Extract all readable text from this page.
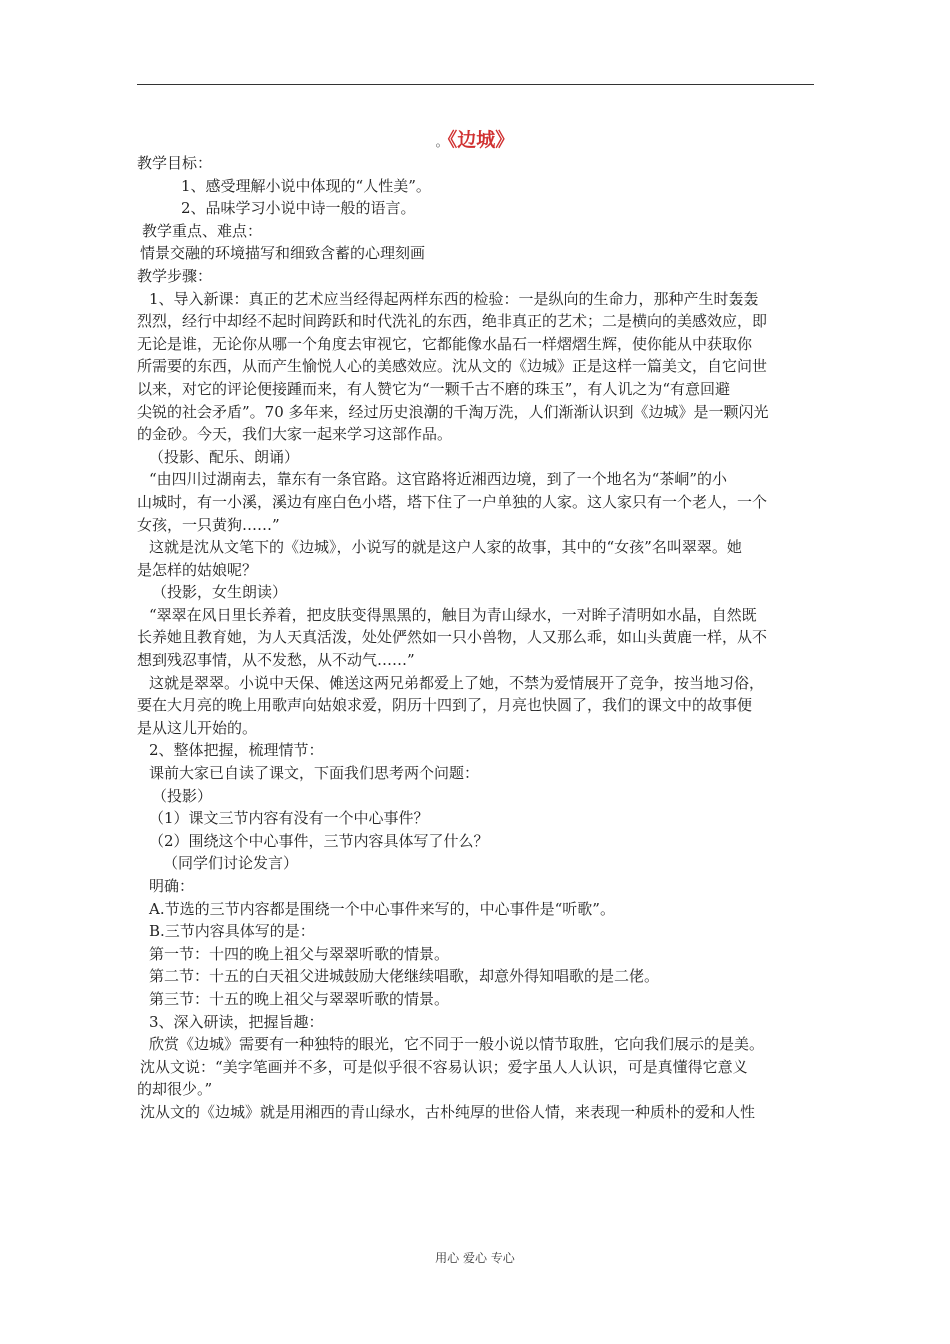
。《边城》

教学目标：

1、感受理解小说中体现的“人性美”。

2、品味学习小说中诗一般的语言。

教学重点、难点：

情景交融的环境描写和细致含蓄的心理刻画

教学步骤：

1、导入新课：真正的艺术应当经得起两样东西的检验：一是纵向的生命力，那种产生时轰轰

烈烈，经行中却经不起时间跨跃和时代洗礼的东西，绝非真正的艺术；二是横向的美感效应，即

无论是谁，无论你从哪一个角度去审视它，它都能像水晶石一样熠熠生辉，使你能从中获取你

所需要的东西，从而产生愉悦人心的美感效应。沈从文的《边城》正是这样一篇美文，自它问世

以来，对它的评论便接踵而来，有人赞它为“一颗千古不磨的珠玉”，有人讥之为“有意回避

尖锐的社会矛盾”。70 多年来，经过历史浪潮的千淘万洗，人们渐渐认识到《边城》是一颗闪光

的金砂。今天，我们大家一起来学习这部作品。

（投影、配乐、朗诵）

“由四川过湖南去，靠东有一条官路。这官路将近湘西边境，到了一个地名为“茶峒”的小

山城时，有一小溪，溪边有座白色小塔，塔下住了一户单独的人家。这人家只有一个老人，一个

女孩，一只黄狗……”

这就是沈从文笔下的《边城》，小说写的就是这户人家的故事，其中的“女孩”名叫翠翠。她

是怎样的姑娘呢？

（投影，女生朗读）

“翠翠在风日里长养着，把皮肤变得黑黑的，触目为青山绿水，一对眸子清明如水晶，自然既

长养她且教育她，为人天真活泼，处处俨然如一只小兽物，人又那么乖，如山头黄鹿一样，从不

想到残忍事情，从不发愁，从不动气……”

这就是翠翠。小说中天保、傩送这两兄弟都爱上了她，不禁为爱情展开了竞争，按当地习俗，

要在大月亮的晚上用歌声向姑娘求爱，阴历十四到了，月亮也快圆了，我们的课文中的故事便

是从这儿开始的。

2、整体把握，梳理情节：

课前大家已自读了课文，下面我们思考两个问题：

（投影）

（1）课文三节内容有没有一个中心事件？

（2）围绕这个中心事件，三节内容具体写了什么？

（同学们讨论发言）

明确：

A.节选的三节内容都是围绕一个中心事件来写的，中心事件是“听歌”。

B.三节内容具体写的是：

第一节：十四的晚上祖父与翠翠听歌的情景。

第二节：十五的白天祖父进城鼓励大佬继续唱歌，却意外得知唱歌的是二佬。

第三节：十五的晚上祖父与翠翠听歌的情景。

3、深入研读，把握旨趣：

欣赏《边城》需要有一种独特的眼光，它不同于一般小说以情节取胜，它向我们展示的是美。

沈从文说：“美字笔画并不多，可是似乎很不容易认识；爱字虽人人认识，可是真懂得它意义

的却很少。”

沈从文的《边城》就是用湘西的青山绿水，古朴纯厚的世俗人情，来表现一种质朴的爱和人性

用心 爱心 专心
